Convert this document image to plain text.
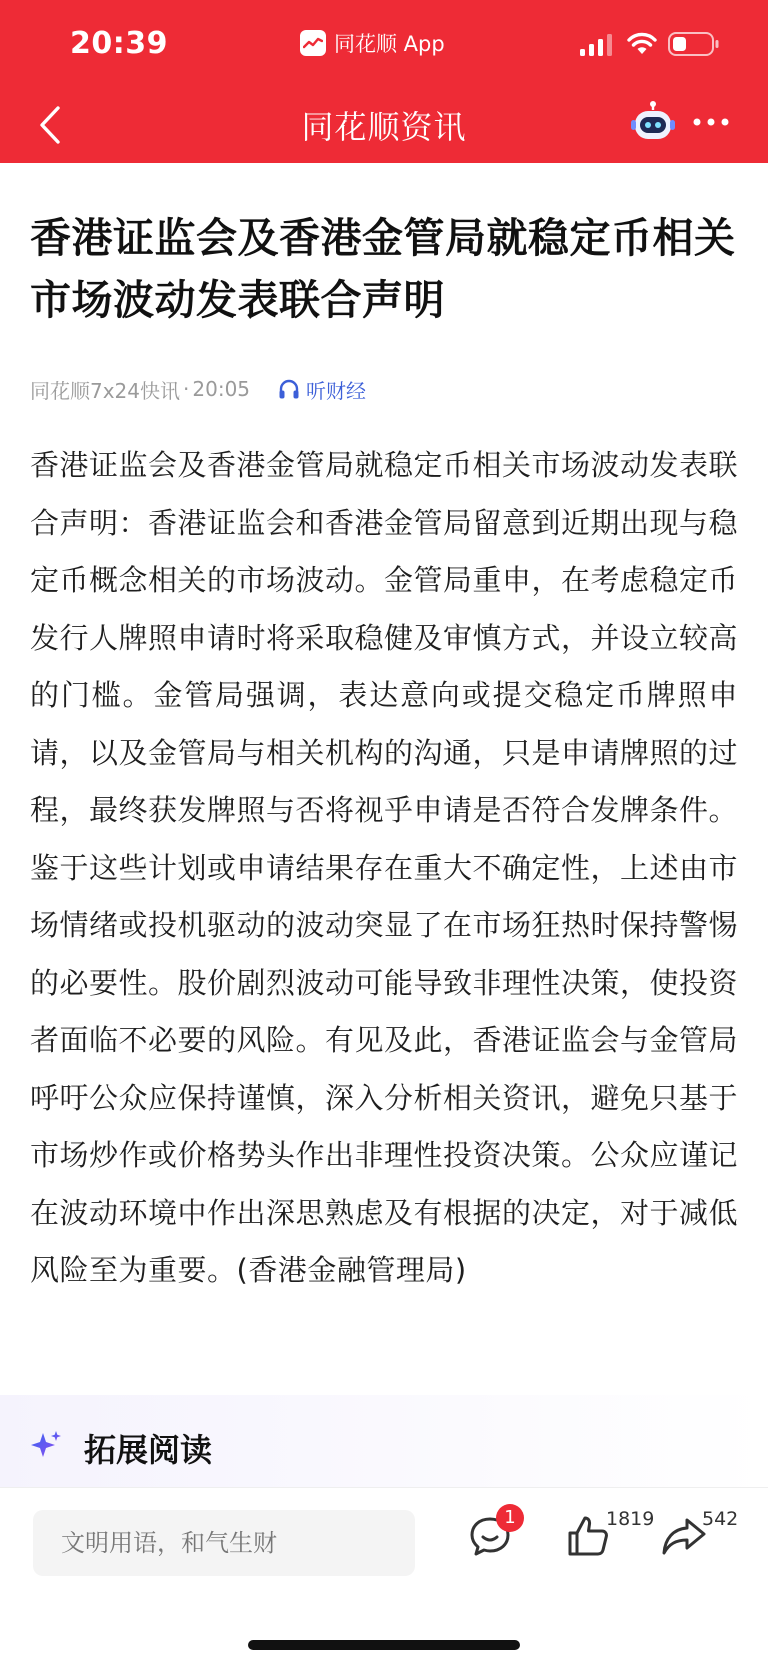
20:39	同花顺 App
同花顺资讯
香港证监会及香港金管局就稳定币相关市场波动发表联合声明
同花顺7x24快讯 · 20:05	听财经

香港证监会及香港金管局就稳定币相关市场波动发表联合声明：香港证监会和香港金管局留意到近期出现与稳定币概念相关的市场波动。金管局重申，在考虑稳定币发行人牌照申请时将采取稳健及审慎方式，并设立较高的门槛。金管局强调，表达意向或提交稳定币牌照申请，以及金管局与相关机构的沟通，只是申请牌照的过程，最终获发牌照与否将视乎申请是否符合发牌条件。鉴于这些计划或申请结果存在重大不确定性，上述由市场情绪或投机驱动的波动突显了在市场狂热时保持警惕的必要性。股价剧烈波动可能导致非理性决策，使投资者面临不必要的风险。有见及此，香港证监会与金管局呼吁公众应保持谨慎，深入分析相关资讯，避免只基于市场炒作或价格势头作出非理性投资决策。公众应谨记在波动环境中作出深思熟虑及有根据的决定，对于减低风险至为重要。(香港金融管理局)

拓展阅读
文明用语，和气生财
1	1819	542
